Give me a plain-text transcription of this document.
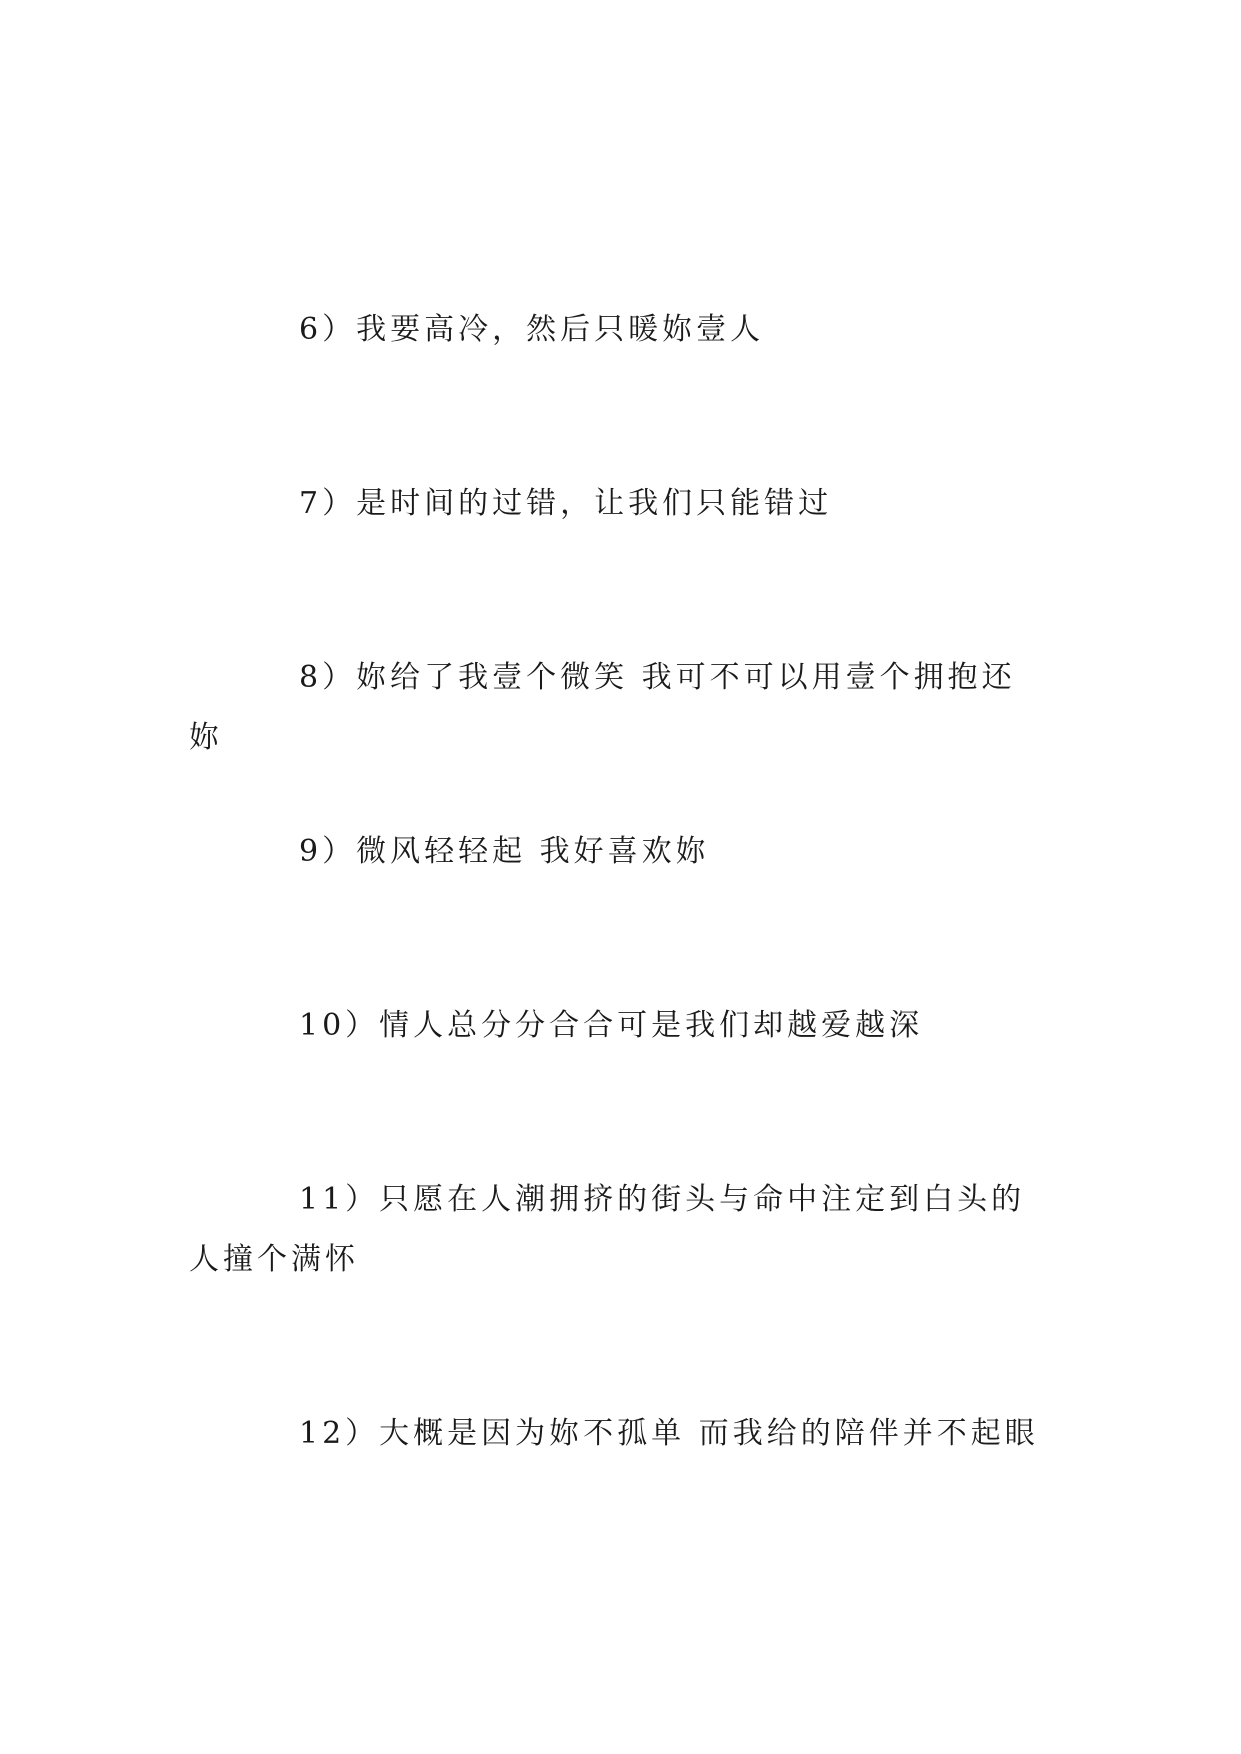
6）我要高冷，然后只暖妳壹人

7）是时间的过错，让我们只能错过

8）妳给了我壹个微笑 我可不可以用壹个拥抱还妳

9）微风轻轻起 我好喜欢妳

10）情人总分分合合可是我们却越爱越深

11）只愿在人潮拥挤的街头与命中注定到白头的人撞个满怀

12）大概是因为妳不孤单 而我给的陪伴并不起眼
